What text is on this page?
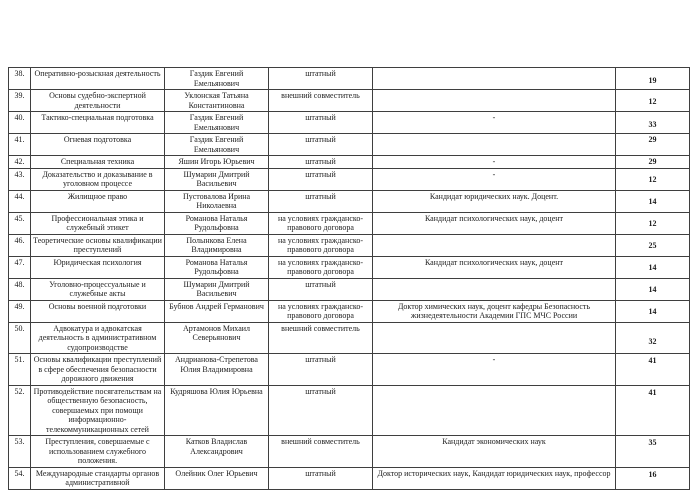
38.	Оперативно-розыскная деятельность	Газдик Евгений Емельянович	штатный		19
39.	Основы судебно-экспертной деятельности	Уклонская Татьяна Константиновна	внешний совместитель		12
40.	Тактико-специальная подготовка	Газдик Евгений Емельянович	штатный	-	33
41.	Огневая подготовка	Газдик Евгений Емельянович	штатный		29
42.	Специальная техника	Яшин Игорь Юрьевич	штатный	-	29
43.	Доказательство и доказывание в уголовном процессе	Шумарин Дмитрий Васильевич	штатный	-	12
44.	Жилищное право	Пустовалова Ирина Николаевна	штатный	Кандидат юридических наук. Доцент.	14
45.	Профессиональная этика и служебный этикет	Романова Наталья Рудольфовна	на условиях гражданско-правового договора	Кандидат психологических наук, доцент	12
46.	Теоретические основы квалификации преступлений	Полынкова Елена Владимировна	на условиях гражданско-правового договора		25
47.	Юридическая психология	Романова Наталья Рудольфовна	на условиях гражданско-правового договора	Кандидат психологических наук, доцент	14
48.	Уголовно-процессуальные и служебные акты	Шумарин Дмитрий Васильевич	штатный		14
49.	Основы военной подготовки	Бубнов Андрей Германович	на условиях гражданско-правового договора	Доктор химических наук, доцент кафедры Безопасность жизнедеятельности Академии ГПС МЧС России	14
50.	Адвокатура и адвокатская деятельность в административном судопроизводстве	Артамонов Михаил Северьянович	внешний совместитель		32
51.	Основы квалификации преступлений в сфере обеспечения безопасности дорожного движения	Андрианова-Стрепетова Юлия Владимировна	штатный	-	41
52.	Противодействие посягательствам на общественную безопасность, совершаемых при помощи информационно-телекоммуникационных сетей	Кудряшова Юлия Юрьевна	штатный		41
53.	Преступления, совершаемые с использованием служебного положения.	Катков Владислав Александрович	внешний совместитель	Кандидат экономических наук	35
54.	Международные стандарты органов административной	Олейник Олег Юрьевич	штатный	Доктор исторических наук, Кандидат юридических наук, профессор	16
